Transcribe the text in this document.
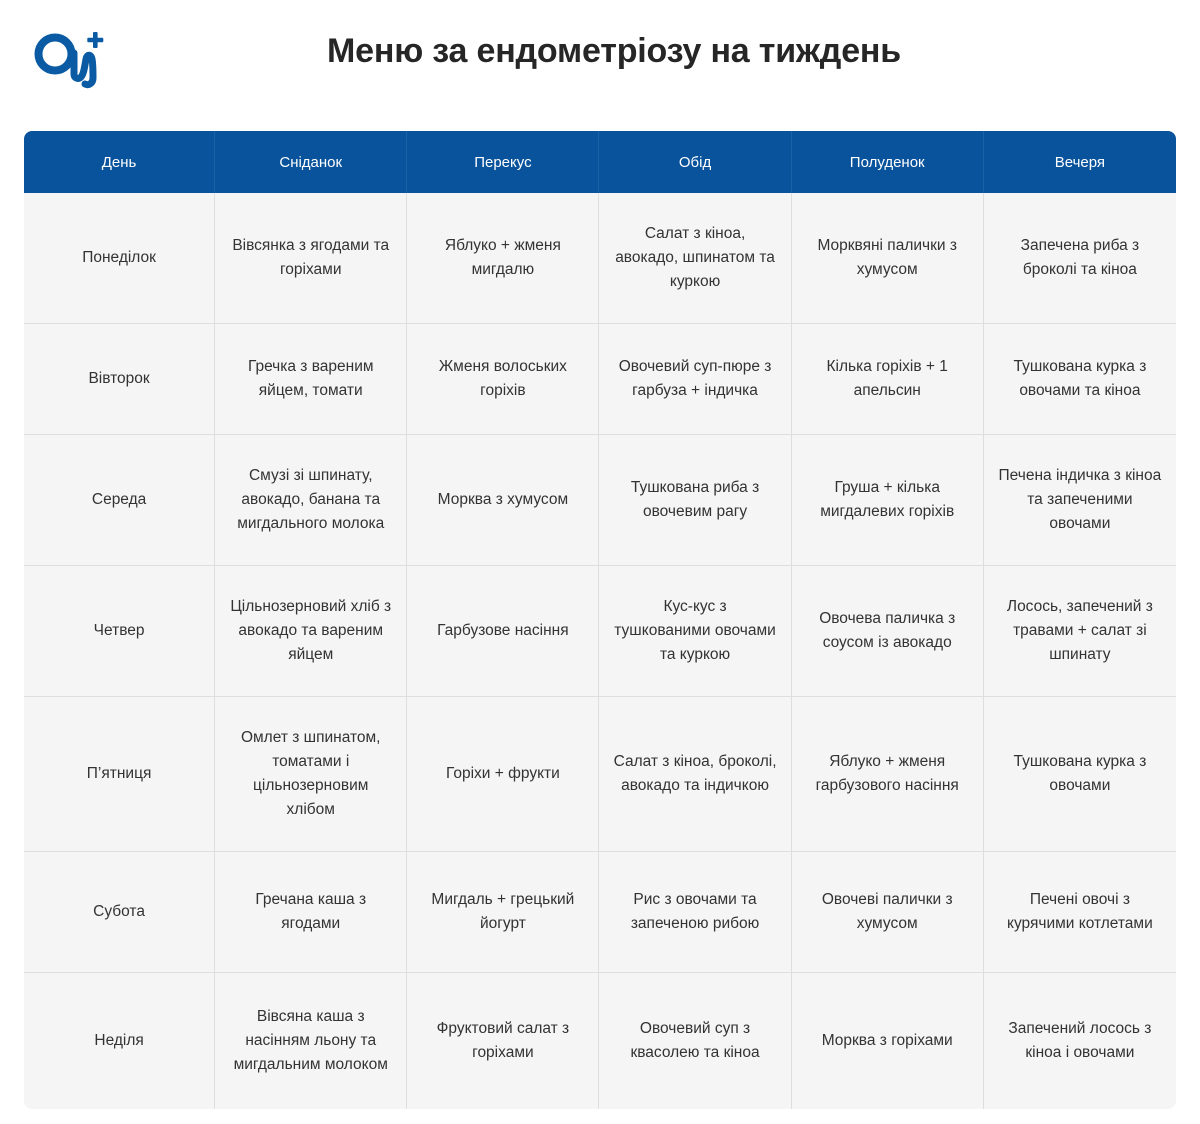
Меню за ендометріозу на тиждень
День	Сніданок	Перекус	Обід	Полуденок	Вечеря
Понеділок	Вівсянка з ягодами та горіхами	Яблуко + жменя мигдалю	Салат з кіноа, авокадо, шпинатом та куркою	Морквяні палички з хумусом	Запечена риба з броколі та кіноа
Вівторок	Гречка з вареним яйцем, томати	Жменя волоських горіхів	Овочевий суп-пюре з гарбуза + індичка	Кілька горіхів + 1 апельсин	Тушкована курка з овочами та кіноа
Середа	Смузі зі шпинату, авокадо, банана та мигдального молока	Морква з хумусом	Тушкована риба з овочевим рагу	Груша + кілька мигдалевих горіхів	Печена індичка з кіноа та запеченими овочами
Четвер	Цільнозерновий хліб з авокадо та вареним яйцем	Гарбузове насіння	Кус-кус з тушкованими овочами та куркою	Овочева паличка з соусом із авокадо	Лосось, запечений з травами + салат зі шпинату
П’ятниця	Омлет з шпинатом, томатами і цільнозерновим хлібом	Горіхи + фрукти	Салат з кіноа, броколі, авокадо та індичкою	Яблуко + жменя гарбузового насіння	Тушкована курка з овочами
Субота	Гречана каша з ягодами	Мигдаль + грецький йогурт	Рис з овочами та запеченою рибою	Овочеві палички з хумусом	Печені овочі з курячими котлетами
Неділя	Вівсяна каша з насінням льону та мигдальним молоком	Фруктовий салат з горіхами	Овочевий суп з квасолею та кіноа	Морква з горіхами	Запечений лосось з кіноа і овочами
